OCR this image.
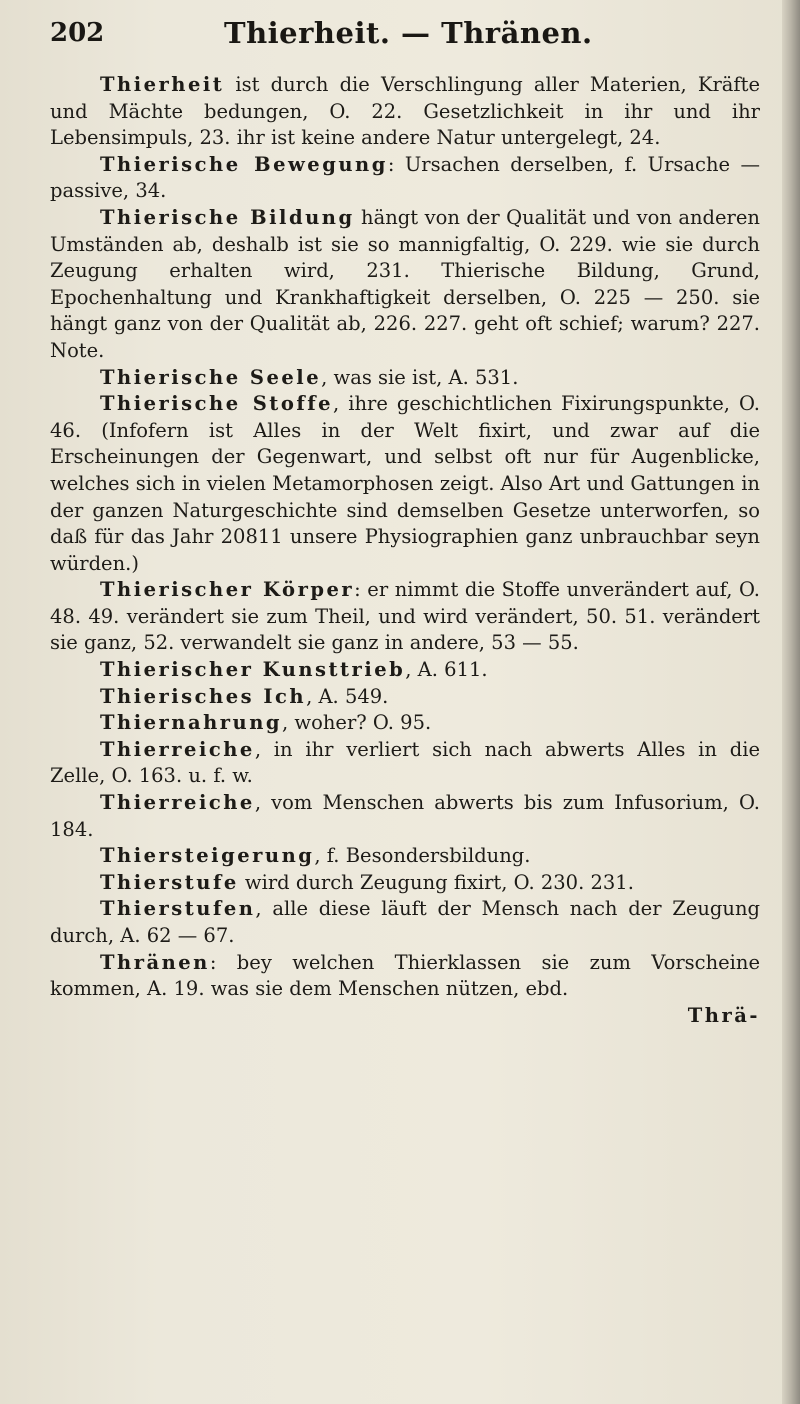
202	Thierheit. — Thränen.

Thierheit ist durch die Verschlingung aller Materien, Kräfte und Mächte bedungen, O. 22. Gesetzlichkeit in ihr und ihr Lebensimpuls, 23. ihr ist keine andere Natur untergelegt, 24.

Thierische Bewegung: Ursachen derselben, f. Ursache — passive, 34.

Thierische Bildung hängt von der Qualität und von anderen Umständen ab, deshalb ist sie so mannigfaltig, O. 229. wie sie durch Zeugung erhalten wird, 231. Thierische Bildung, Grund, Epochenhaltung und Krankhaftigkeit derselben, O. 225 — 250. sie hängt ganz von der Qualität ab, 226. 227. geht oft schief; warum? 227. Note.

Thierische Seele, was sie ist, A. 531.

Thierische Stoffe, ihre geschichtlichen Fixirungspunkte, O. 46. (Infofern ist Alles in der Welt fixirt, und zwar auf die Erscheinungen der Gegenwart, und selbst oft nur für Augenblicke, welches sich in vielen Metamorphosen zeigt. Also Art und Gattungen in der ganzen Naturgeschichte sind demselben Gesetze unterworfen, so daß für das Jahr 20811 unsere Physiographien ganz unbrauchbar seyn würden.)

Thierischer Körper: er nimmt die Stoffe unverändert auf, O. 48. 49. verändert sie zum Theil, und wird verändert, 50. 51. verändert sie ganz, 52. verwandelt sie ganz in andere, 53 — 55.

Thierischer Kunsttrieb, A. 611.

Thierisches Ich, A. 549.

Thiernahrung, woher? O. 95.

Thierreiche, in ihr verliert sich nach abwerts Alles in die Zelle, O. 163. u. f. w.

Thierreiche, vom Menschen abwerts bis zum Infusorium, O. 184.

Thiersteigerung, f. Besondersbildung.

Thierstufe wird durch Zeugung fixirt, O. 230. 231.

Thierstufen, alle diese läuft der Mensch nach der Zeugung durch, A. 62 — 67.

Thränen: bey welchen Thierklassen sie zum Vorscheine kommen, A. 19. was sie dem Menschen nützen, ebd.

Thrä-
